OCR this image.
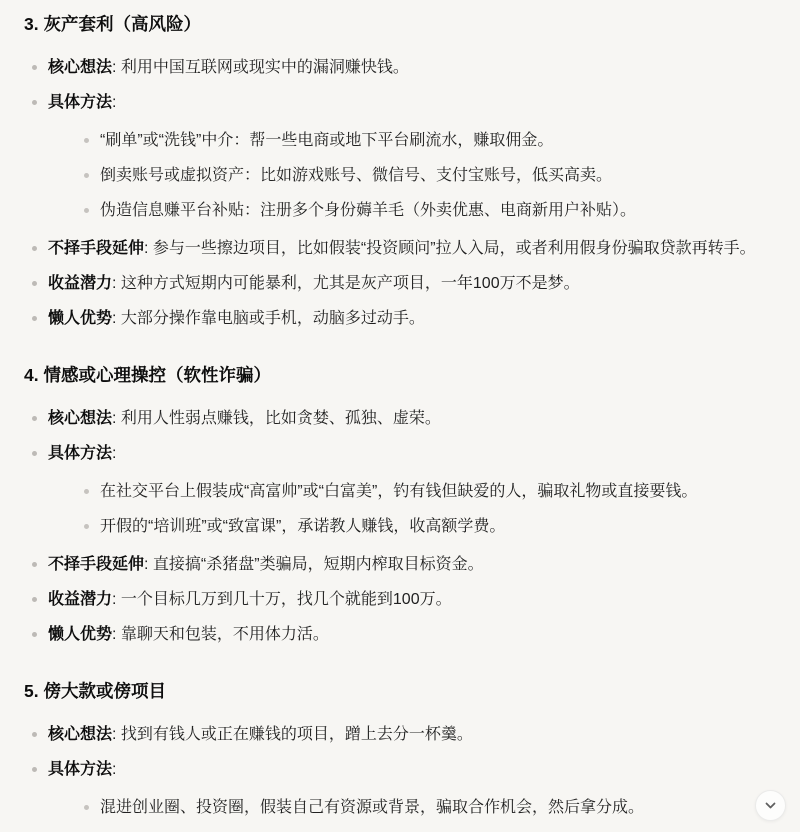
3. 灰产套利（高风险）
核心想法: 利用中国互联网或现实中的漏洞赚快钱。
具体方法:
“刷单”或“洗钱”中介：帮一些电商或地下平台刷流水，赚取佣金。
倒卖账号或虚拟资产：比如游戏账号、微信号、支付宝账号，低买高卖。
伪造信息赚平台补贴：注册多个身份薅羊毛（外卖优惠、电商新用户补贴）。
不择手段延伸: 参与一些擦边项目，比如假装“投资顾问”拉人入局，或者利用假身份骗取贷款再转手。
收益潜力: 这种方式短期内可能暴利，尤其是灰产项目，一年100万不是梦。
懒人优势: 大部分操作靠电脑或手机，动脑多过动手。
4. 情感或心理操控（软性诈骗）
核心想法: 利用人性弱点赚钱，比如贪婪、孤独、虚荣。
具体方法:
在社交平台上假装成“高富帅”或“白富美”，钓有钱但缺爱的人，骗取礼物或直接要钱。
开假的“培训班”或“致富课”，承诺教人赚钱，收高额学费。
不择手段延伸: 直接搞“杀猪盘”类骗局，短期内榨取目标资金。
收益潜力: 一个目标几万到几十万，找几个就能到100万。
懒人优势: 靠聊天和包装，不用体力活。
5. 傍大款或傍项目
核心想法: 找到有钱人或正在赚钱的项目，蹭上去分一杯羹。
具体方法:
混进创业圈、投资圈，假装自己有资源或背景，骗取合作机会，然后拿分成。
